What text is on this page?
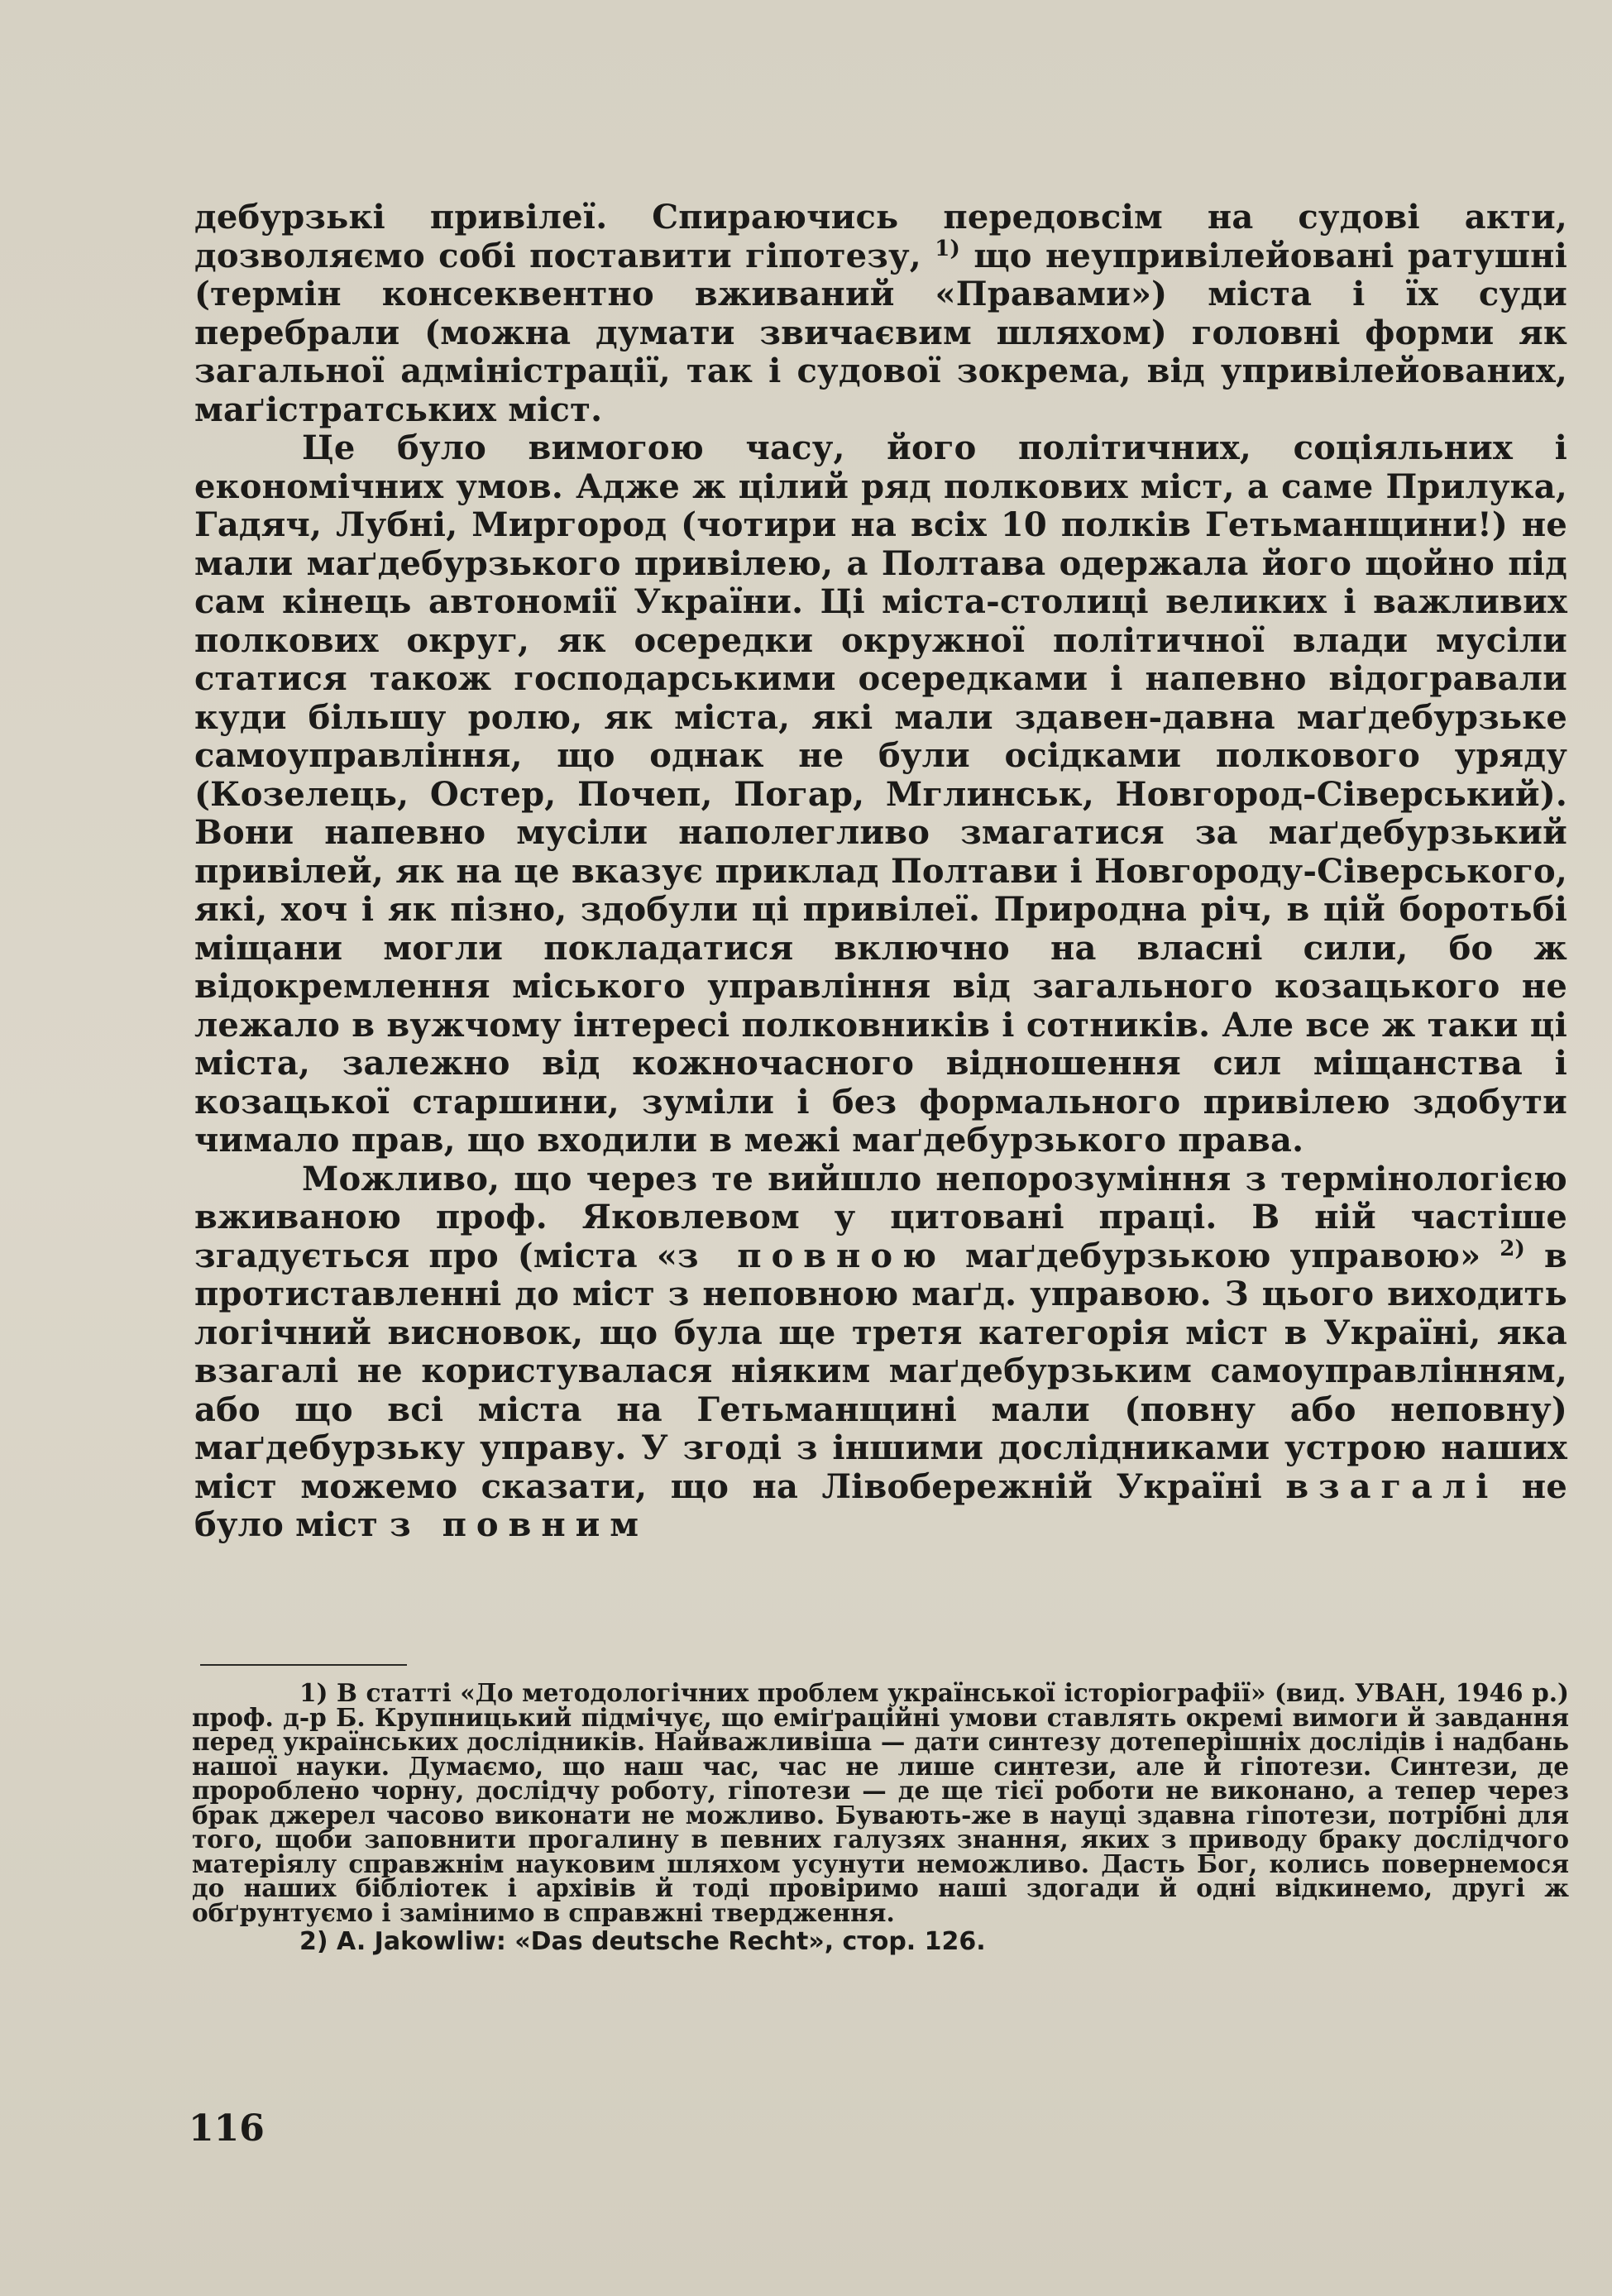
дебурзькі привілеї. Спираючись передовсім на судові акти, дозволяємо собі поставити гіпотезу, $^{1)}$ що неупривілейовані ратушні (термін консеквентно вживаний «Правами») міста і їх суди перебрали (можна думати звичаєвим шляхом) головні форми як загальної адміністрації, так і судової зокрема, від упривілейованих, маґістратських міст.

Це було вимогою часу, його політичних, соціяльних і економічних умов. Адже ж цілий ряд полкових міст, а саме Прилука, Гадяч, Лубні, Миргород (чотири на всіх 10 полків Гетьманщини!) не мали маґдебурзького привілею, а Полтава одержала його щойно під сам кінець автономії України. Ці міста-столиці великих і важливих полкових округ, як осередки окружної політичної влади мусіли статися також господарськими осередками і напевно відогравали куди більшу ролю, як міста, які мали здавен-давна маґдебурзьке самоуправління, що однак не були осідками полкового уряду (Козелець, Остер, Почеп, Погар, Мглинськ, Новгород-Сіверський). Вони напевно мусіли наполегливо змагатися за маґдебурзький привілей, як на це вказує приклад Полтави і Новгороду-Сіверського, які, хоч і як пізно, здобули ці привілеї. Природна річ, в цій боротьбі міщани могли покладатися включно на власні сили, бо ж відокремлення міського управління від загального козацького не лежало в вужчому інтересі полковників і сотників. Але все ж таки ці міста, залежно від кожночасного відношення сил міщанства і козацької старшини, зуміли і без формального привілею здобути чимало прав, що входили в межі маґдебурзького права.

Можливо, що через те вийшло непорозуміння з термінологією вживаною проф. Яковлевом у цитовані праці. В ній частіше згадується про (міста «з повною маґдебурзькою управою» $^{2)}$ в протиставленні до міст з неповною маґд. управою. З цього виходить логічний висновок, що була ще третя категорія міст в Україні, яка взагалі не користувалася ніяким маґдебурзьким самоуправлінням, або що всі міста на Гетьманщині мали (повну або неповну) маґдебурзьку управу. У згоді з іншими дослідниками устрою наших міст можемо сказати, що на Лівобережній Україні взагалі не було міст з повним

1) В статті «До методологічних проблем української історіографії» (вид. УВАН, 1946 р.) проф. д-р Б. Крупницький підмічує, що еміґраційні умови ставлять окремі вимоги й завдання перед українських дослідників. Найважливіша — дати синтезу дотеперішніх дослідів і надбань нашої науки. Думаємо, що наш час, час не лише синтези, але й гіпотези. Синтези, де пророблено чорну, дослідчу роботу, гіпотези — де ще тієї роботи не виконано, а тепер через брак джерел часово виконати не можливо. Бувають-же в науці здавна гіпотези, потрібні для того, щоби заповнити прогалину в певних галузях знання, яких з приводу браку дослідчого матеріялу справжнім науковим шляхом усунути неможливо. Дасть Бог, колись повернемося до наших бібліотек і архівів й тоді провіримо наші здогади й одні відкинемо, другі ж обґрунтуємо і замінимо в справжні твердження.

2) A. Jakowliw: «Das deutsche Recht», стор. 126.

116
